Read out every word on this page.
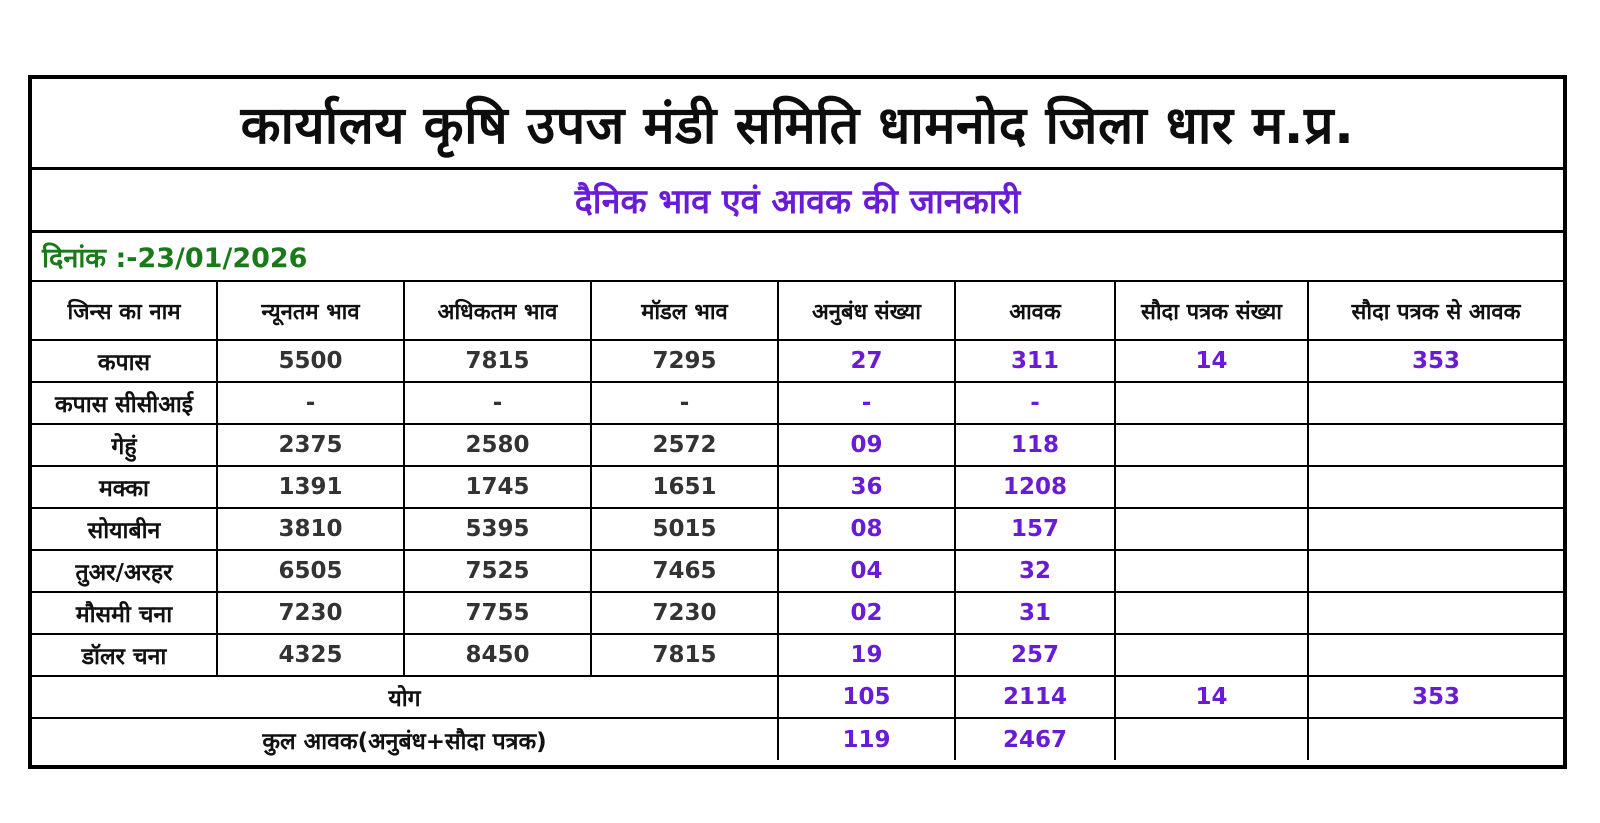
कार्यालय कृषि उपज मंडी समिति धामनोद जिला धार म.प्र.
दैनिक भाव एवं आवक की जानकारी
दिनांक :-23/01/2026
जिन्स का नाम	न्यूनतम भाव	अधिकतम भाव	मॉडल भाव	अनुबंध संख्या	आवक	सौदा पत्रक संख्या	सौदा पत्रक से आवक
कपास	5500	7815	7295	27	311	14	353
कपास सीसीआई	-	-	-	-	-		
गेहुं	2375	2580	2572	09	118		
मक्का	1391	1745	1651	36	1208		
सोयाबीन	3810	5395	5015	08	157		
तुअर/अरहर	6505	7525	7465	04	32		
मौसमी चना	7230	7755	7230	02	31		
डॉलर चना	4325	8450	7815	19	257		
योग				105	2114	14	353
कुल आवक(अनुबंध+सौदा पत्रक)				119	2467		
